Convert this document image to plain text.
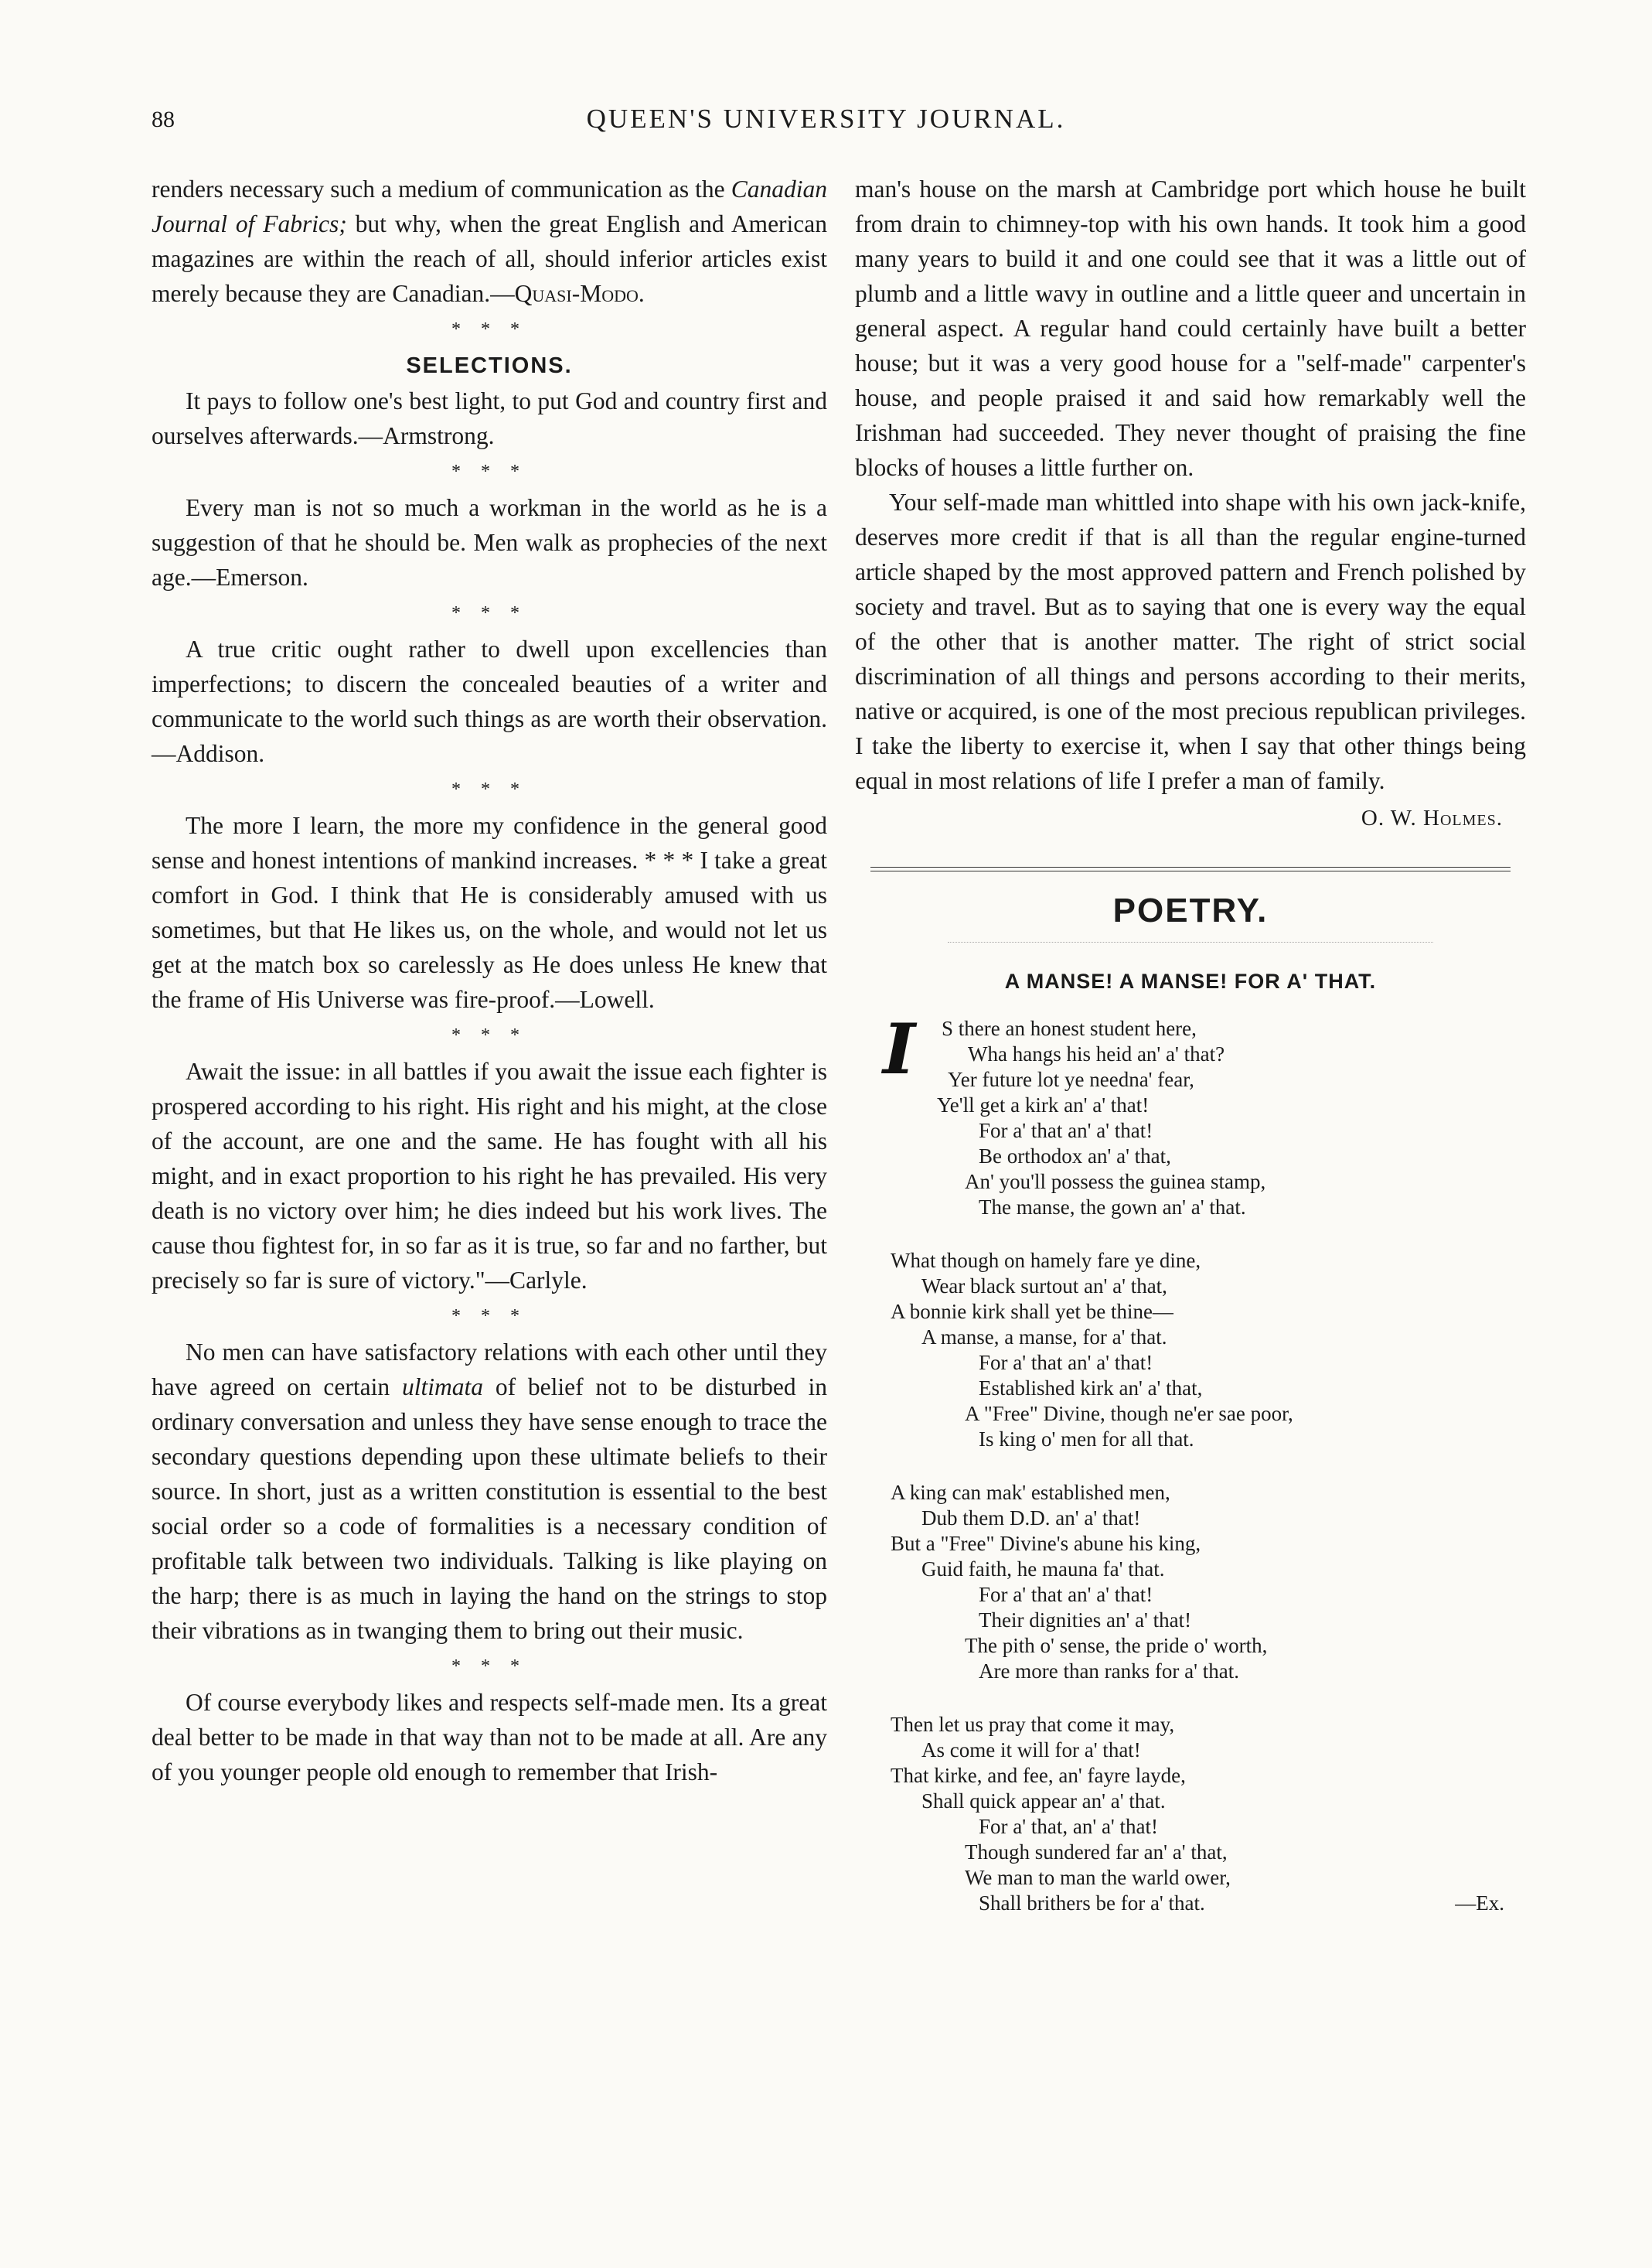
88	QUEEN'S UNIVERSITY JOURNAL.

renders necessary such a medium of communication as the Canadian Journal of Fabrics; but why, when the great English and American magazines are within the reach of all, should inferior articles exist merely because they are Canadian.—Quasi-Modo.

* * *
SELECTIONS.

It pays to follow one's best light, to put God and country first and ourselves afterwards.—Armstrong.

* * *

Every man is not so much a workman in the world as he is a suggestion of that he should be. Men walk as prophecies of the next age.—Emerson.

* * *

A true critic ought rather to dwell upon excellencies than imperfections; to discern the concealed beauties of a writer and communicate to the world such things as are worth their observation.—Addison.

* * *

The more I learn, the more my confidence in the general good sense and honest intentions of mankind increases. * * * I take a great comfort in God. I think that He is considerably amused with us sometimes, but that He likes us, on the whole, and would not let us get at the match box so carelessly as He does unless He knew that the frame of His Universe was fire-proof.—Lowell.

* * *

Await the issue: in all battles if you await the issue each fighter is prospered according to his right. His right and his might, at the close of the account, are one and the same. He has fought with all his might, and in exact proportion to his right he has prevailed. His very death is no victory over him; he dies indeed but his work lives. The cause thou fightest for, in so far as it is true, so far and no farther, but precisely so far is sure of victory."—Carlyle.

* * *

No men can have satisfactory relations with each other until they have agreed on certain ultimata of belief not to be disturbed in ordinary conversation and unless they have sense enough to trace the secondary questions depending upon these ultimate beliefs to their source. In short, just as a written constitution is essential to the best social order so a code of formalities is a necessary condition of profitable talk between two individuals. Talking is like playing on the harp; there is as much in laying the hand on the strings to stop their vibrations as in twanging them to bring out their music.

* * *

Of course everybody likes and respects self-made men. Its a great deal better to be made in that way than not to be made at all. Are any of you younger people old enough to remember that Irish-

man's house on the marsh at Cambridge port which house he built from drain to chimney-top with his own hands. It took him a good many years to build it and one could see that it was a little out of plumb and a little wavy in outline and a little queer and uncertain in general aspect. A regular hand could certainly have built a better house; but it was a very good house for a "self-made" carpenter's house, and people praised it and said how remarkably well the Irishman had succeeded. They never thought of praising the fine blocks of houses a little further on.

Your self-made man whittled into shape with his own jack-knife, deserves more credit if that is all than the regular engine-turned article shaped by the most approved pattern and French polished by society and travel. But as to saying that one is every way the equal of the other that is another matter. The right of strict social discrimination of all things and persons according to their merits, native or acquired, is one of the most precious republican privileges. I take the liberty to exercise it, when I say that other things being equal in most relations of life I prefer a man of family.

O. W. Holmes.
POETRY.
A MANSE! A MANSE! FOR A' THAT.
I	S there an honest student here,
Wha hangs his heid an' a' that?
Yer future lot ye needna' fear,
Ye'll get a kirk an' a' that!
For a' that an' a' that!
Be orthodox an' a' that,
An' you'll possess the guinea stamp,
The manse, the gown an' a' that.
What though on hamely fare ye dine,
Wear black surtout an' a' that,
A bonnie kirk shall yet be thine—
A manse, a manse, for a' that.
For a' that an' a' that!
Established kirk an' a' that,
A "Free" Divine, though ne'er sae poor,
Is king o' men for all that.
A king can mak' established men,
Dub them D.D. an' a' that!
But a "Free" Divine's abune his king,
Guid faith, he mauna fa' that.
For a' that an' a' that!
Their dignities an' a' that!
The pith o' sense, the pride o' worth,
Are more than ranks for a' that.
Then let us pray that come it may,
As come it will for a' that!
That kirke, and fee, an' fayre layde,
Shall quick appear an' a' that.
For a' that, an' a' that!
Though sundered far an' a' that,
We man to man the warld ower,
Shall brithers be for a' that.	—Ex.
